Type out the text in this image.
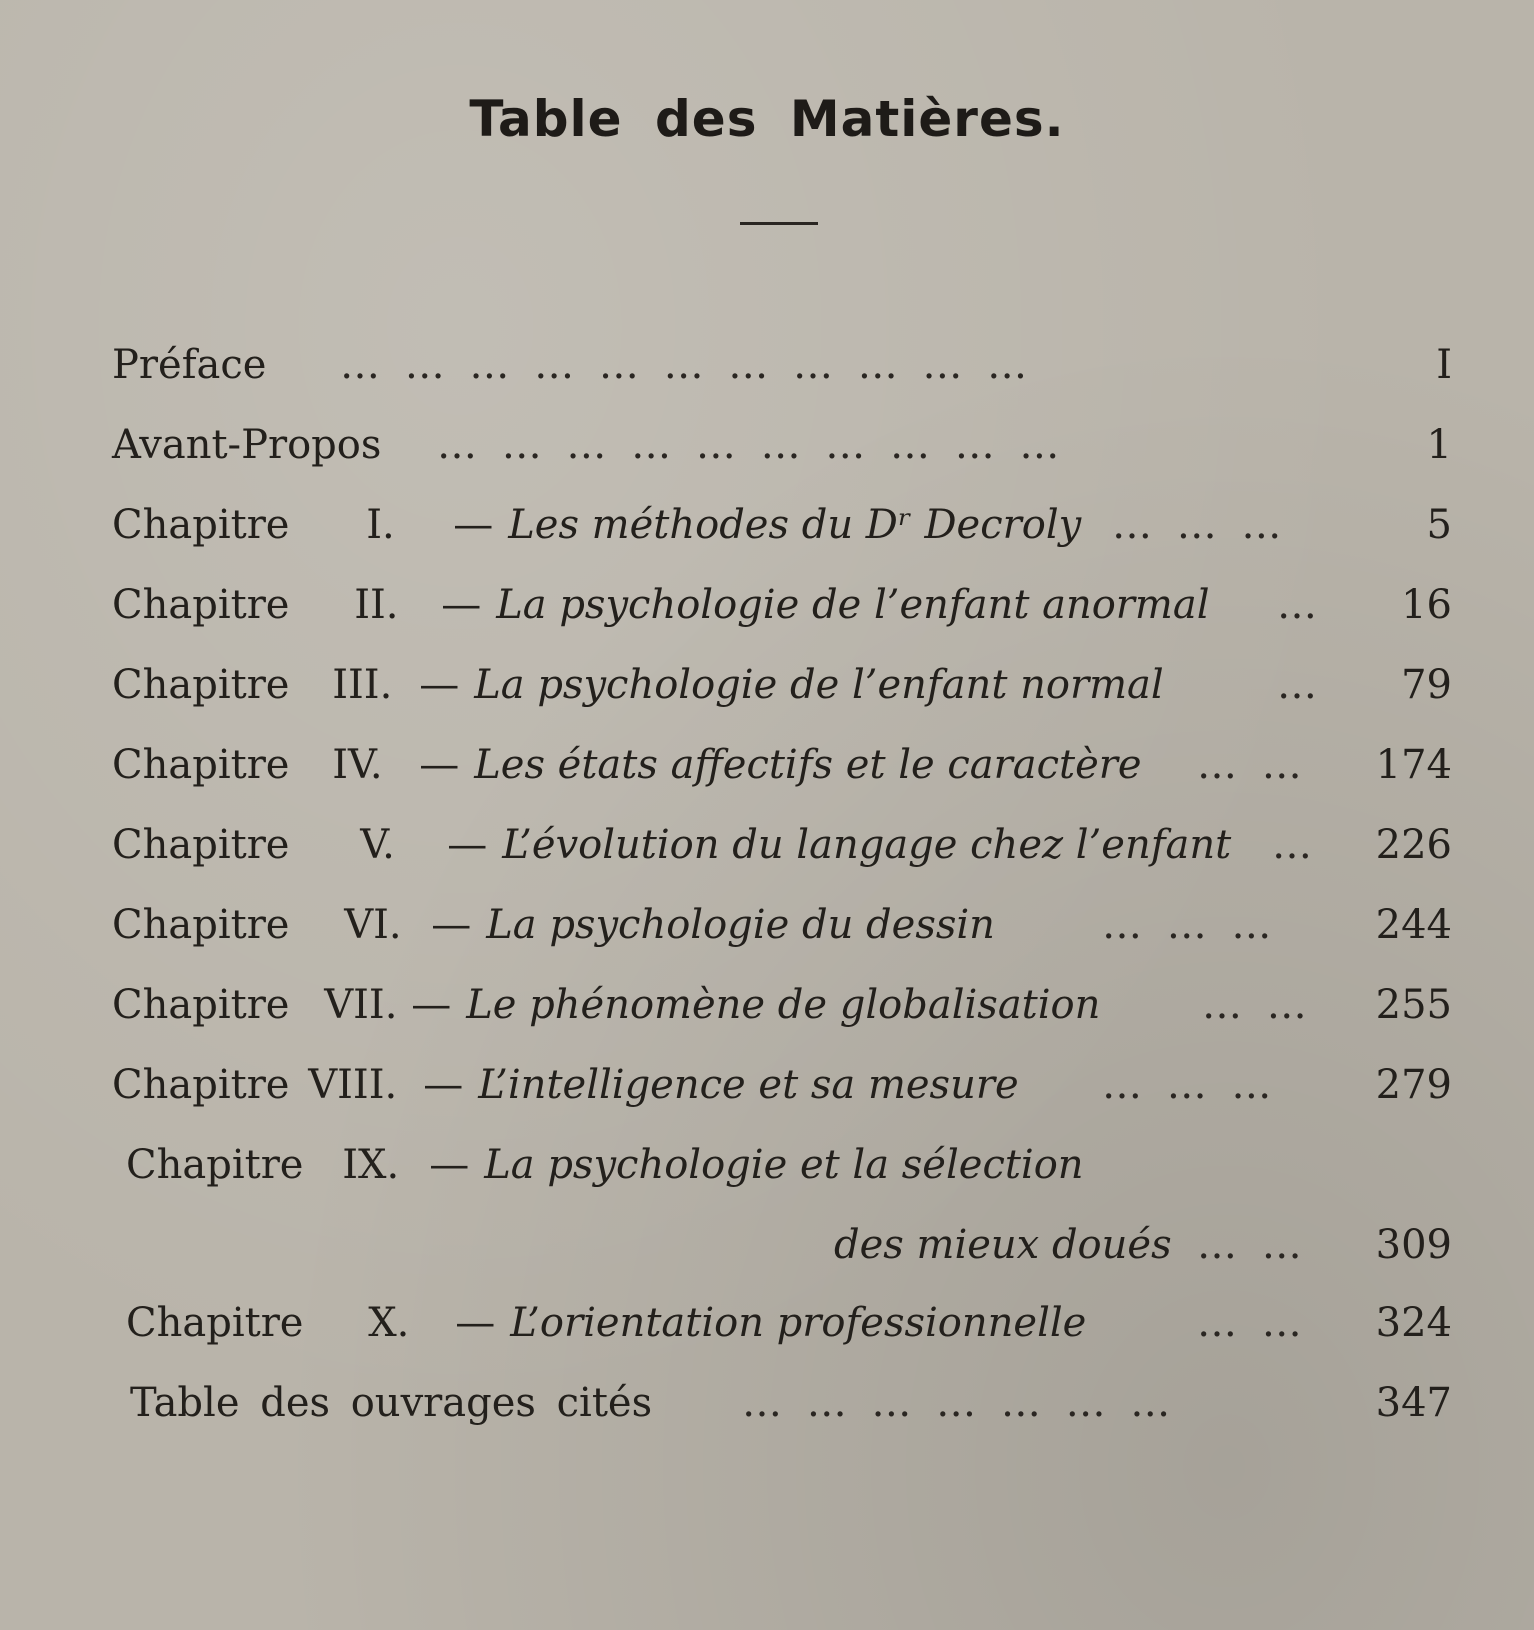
Table des Matières.
Préface … … … … … … … … … … …	I
Avant-Propos … … … … … … … … … …	1
Chapitre I. — Les méthodes du Dʳ Decroly … … …	5
Chapitre II. — La psychologie de l’enfant anormal … 16
Chapitre III. — La psychologie de l’enfant normal	… 79
Chapitre IV. — Les états affectifs et le caractère … … 174
Chapitre V. — L’évolution du langage chez l’enfant … 226
Chapitre VI. — La psychologie du dessin	… … … 244
Chapitre VII. — Le phénomène de globalisation	… … 255
Chapitre VIII. — L’intelligence et sa mesure … … … 279
Chapitre IX. — La psychologie et la sélection
des mieux doués … … 309
Chapitre X. — L’orientation professionnelle	… … 324
Table des ouvrages cités … … … … … … …	347
